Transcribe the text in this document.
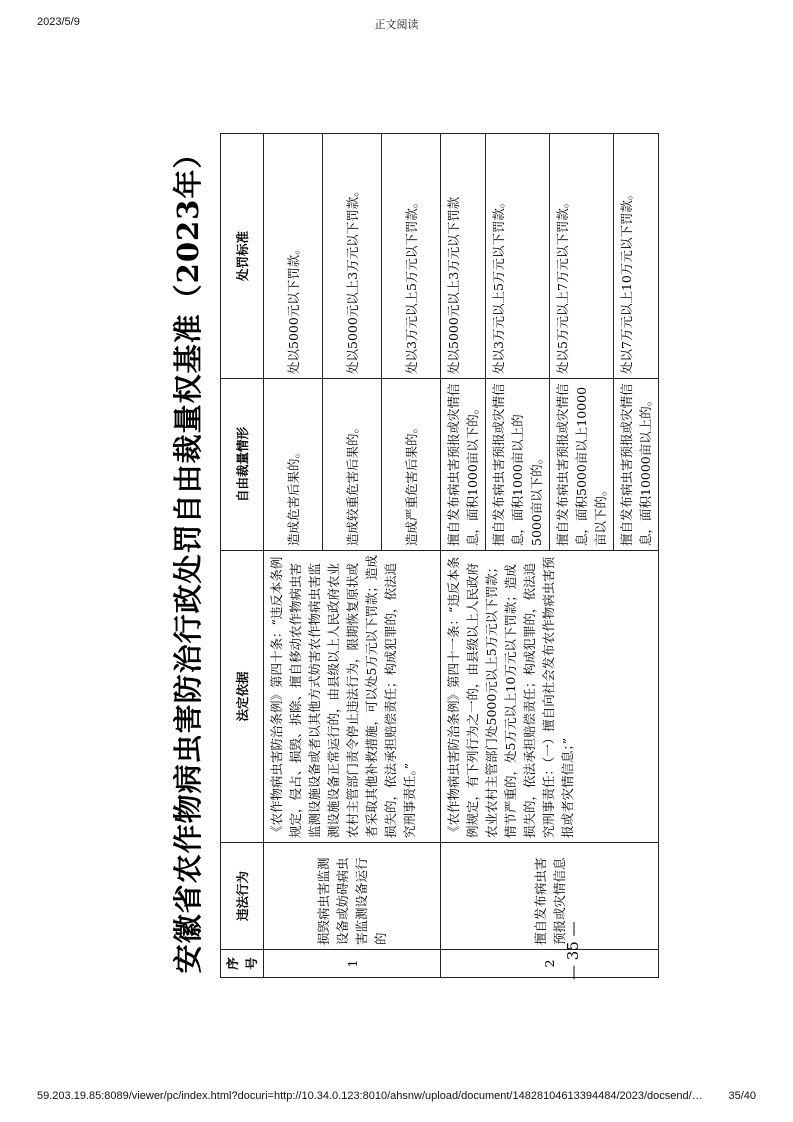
2023/5/9	正文阅读
安徽省农作物病虫害防治行政处罚自由裁量权基准（2023年） 序号	违法行为	法定依据	自由裁量情形	处罚标准
1	损毁病虫害监测设备或妨碍病虫害监测设备运行的	《农作物病虫害防治条例》第四十条：“违反本条例规定，侵占、损毁、拆除、擅自移动农作物病虫害监测设施设备或者以其他方式妨害农作物病虫害监测设施设备正常运行的，由县级以上人民政府农业农村主管部门责令停止违法行为，限期恢复原状或者采取其他补救措施，可以处5万元以下罚款；造成损失的，依法承担赔偿责任；构成犯罪的，依法追究刑事责任。”	造成危害后果的。	处以5000元以下罚款。
			造成较重危害后果的。	处以5000元以上3万元以下罚款。
			造成严重危害后果的。	处以3万元以上5万元以下罚款。
2	擅自发布病虫害预报或灾情信息	《农作物病虫害防治条例》第四十一条：“违反本条例规定，有下列行为之一的，由县级以上人民政府农业农村主管部门处5000元以上5万元以下罚款；情节严重的，处5万元以上10万元以下罚款；造成损失的，依法承担赔偿责任；构成犯罪的，依法追究刑事责任：（一）擅自向社会发布农作物病虫害预报或者灾情信息；”	擅自发布病虫害预报或灾情信息，面积1000亩以下的。	处以5000元以上3万元以下罚款
			擅自发布病虫害预报或灾情信息，面积1000亩以上的5000亩以下的。	处以3万元以上5万元以下罚款。
			擅自发布病虫害预报或灾情信息，面积5000亩以上10000亩以下的。	处以5万元以上7万元以下罚款。
			擅自发布病虫害预报或灾情信息，面积10000亩以上的。	处以7万元以上10万元以下罚款。
— 35 —
59.203.19.85:8089/viewer/pc/index.html?docuri=http://10.34.0.123:8010/ahsnw/upload/document/14828104613394484/2023/docsend/…	35/40
